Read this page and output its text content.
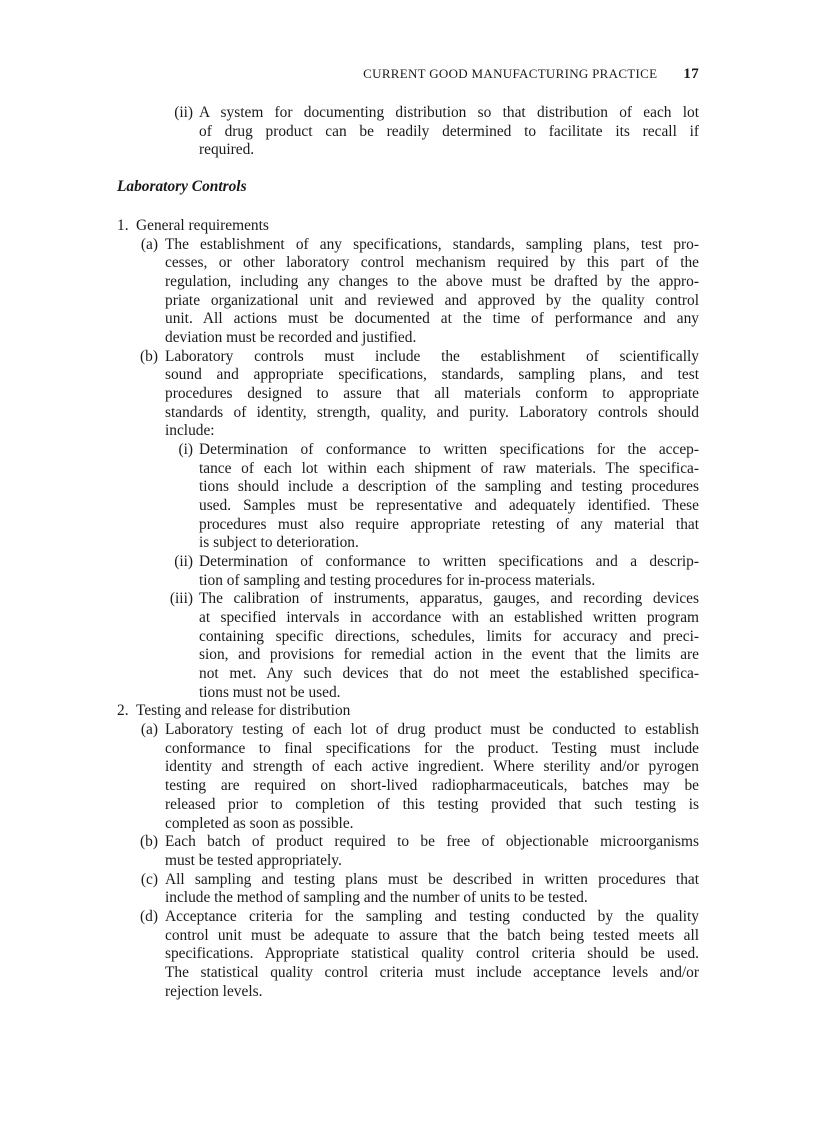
CURRENT GOOD MANUFACTURING PRACTICE 17
(ii) A system for documenting distribution so that distribution of each lot
of drug product can be readily determined to facilitate its recall if
required.
Laboratory Controls
1. General requirements
(a) The establishment of any specifications, standards, sampling plans, test pro-
cesses, or other laboratory control mechanism required by this part of the
regulation, including any changes to the above must be drafted by the appro-
priate organizational unit and reviewed and approved by the quality control
unit. All actions must be documented at the time of performance and any
deviation must be recorded and justified.
(b) Laboratory controls must include the establishment of scientifically
sound and appropriate specifications, standards, sampling plans, and test
procedures designed to assure that all materials conform to appropriate
standards of identity, strength, quality, and purity. Laboratory controls should
include:
(i) Determination of conformance to written specifications for the accep-
tance of each lot within each shipment of raw materials. The specifica-
tions should include a description of the sampling and testing procedures
used. Samples must be representative and adequately identified. These
procedures must also require appropriate retesting of any material that
is subject to deterioration.
(ii) Determination of conformance to written specifications and a descrip-
tion of sampling and testing procedures for in-process materials.
(iii) The calibration of instruments, apparatus, gauges, and recording devices
at specified intervals in accordance with an established written program
containing specific directions, schedules, limits for accuracy and preci-
sion, and provisions for remedial action in the event that the limits are
not met. Any such devices that do not meet the established specifica-
tions must not be used.
2. Testing and release for distribution
(a) Laboratory testing of each lot of drug product must be conducted to establish
conformance to final specifications for the product. Testing must include
identity and strength of each active ingredient. Where sterility and/or pyrogen
testing are required on short-lived radiopharmaceuticals, batches may be
released prior to completion of this testing provided that such testing is
completed as soon as possible.
(b) Each batch of product required to be free of objectionable microorganisms
must be tested appropriately.
(c) All sampling and testing plans must be described in written procedures that
include the method of sampling and the number of units to be tested.
(d) Acceptance criteria for the sampling and testing conducted by the quality
control unit must be adequate to assure that the batch being tested meets all
specifications. Appropriate statistical quality control criteria should be used.
The statistical quality control criteria must include acceptance levels and/or
rejection levels.
